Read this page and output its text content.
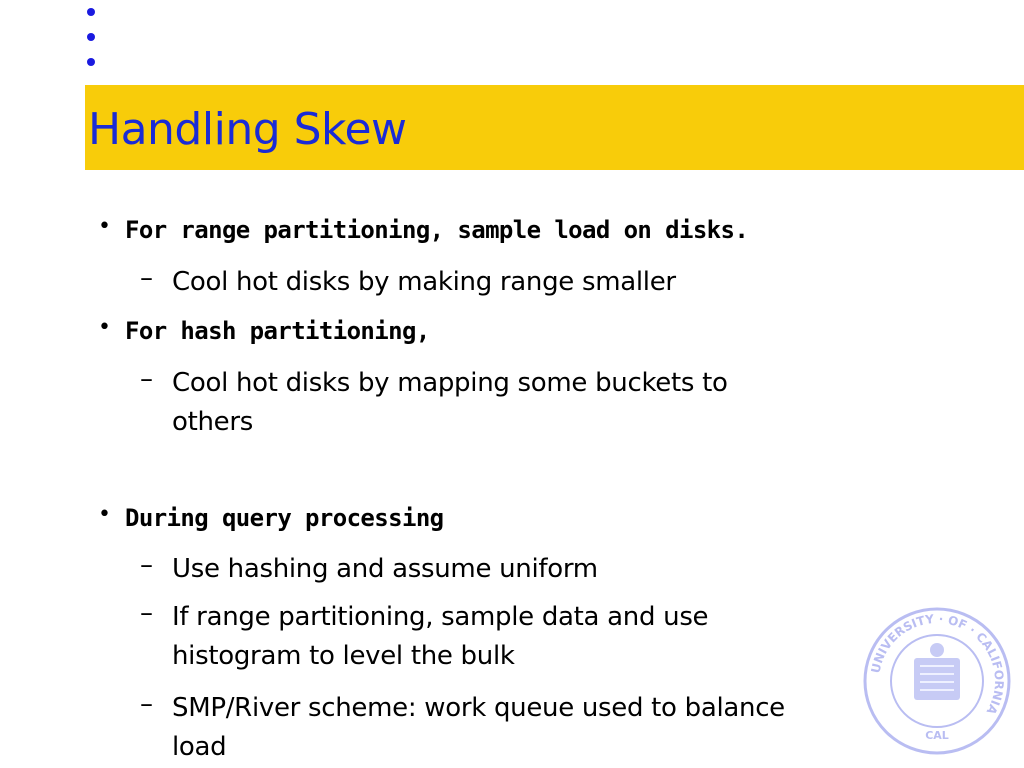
Handling Skew
• For range partitioning, sample load on disks.
– Cool hot disks by making range smaller
• For hash partitioning,
– Cool hot disks by mapping some buckets to
others
• During query processing
– Use hashing and assume uniform
– If range partitioning, sample data and use
histogram to level the bulk
– SMP/River scheme: work queue used to balance
load
UNIVERSITY · OF · CALIFORNIA
CAL
